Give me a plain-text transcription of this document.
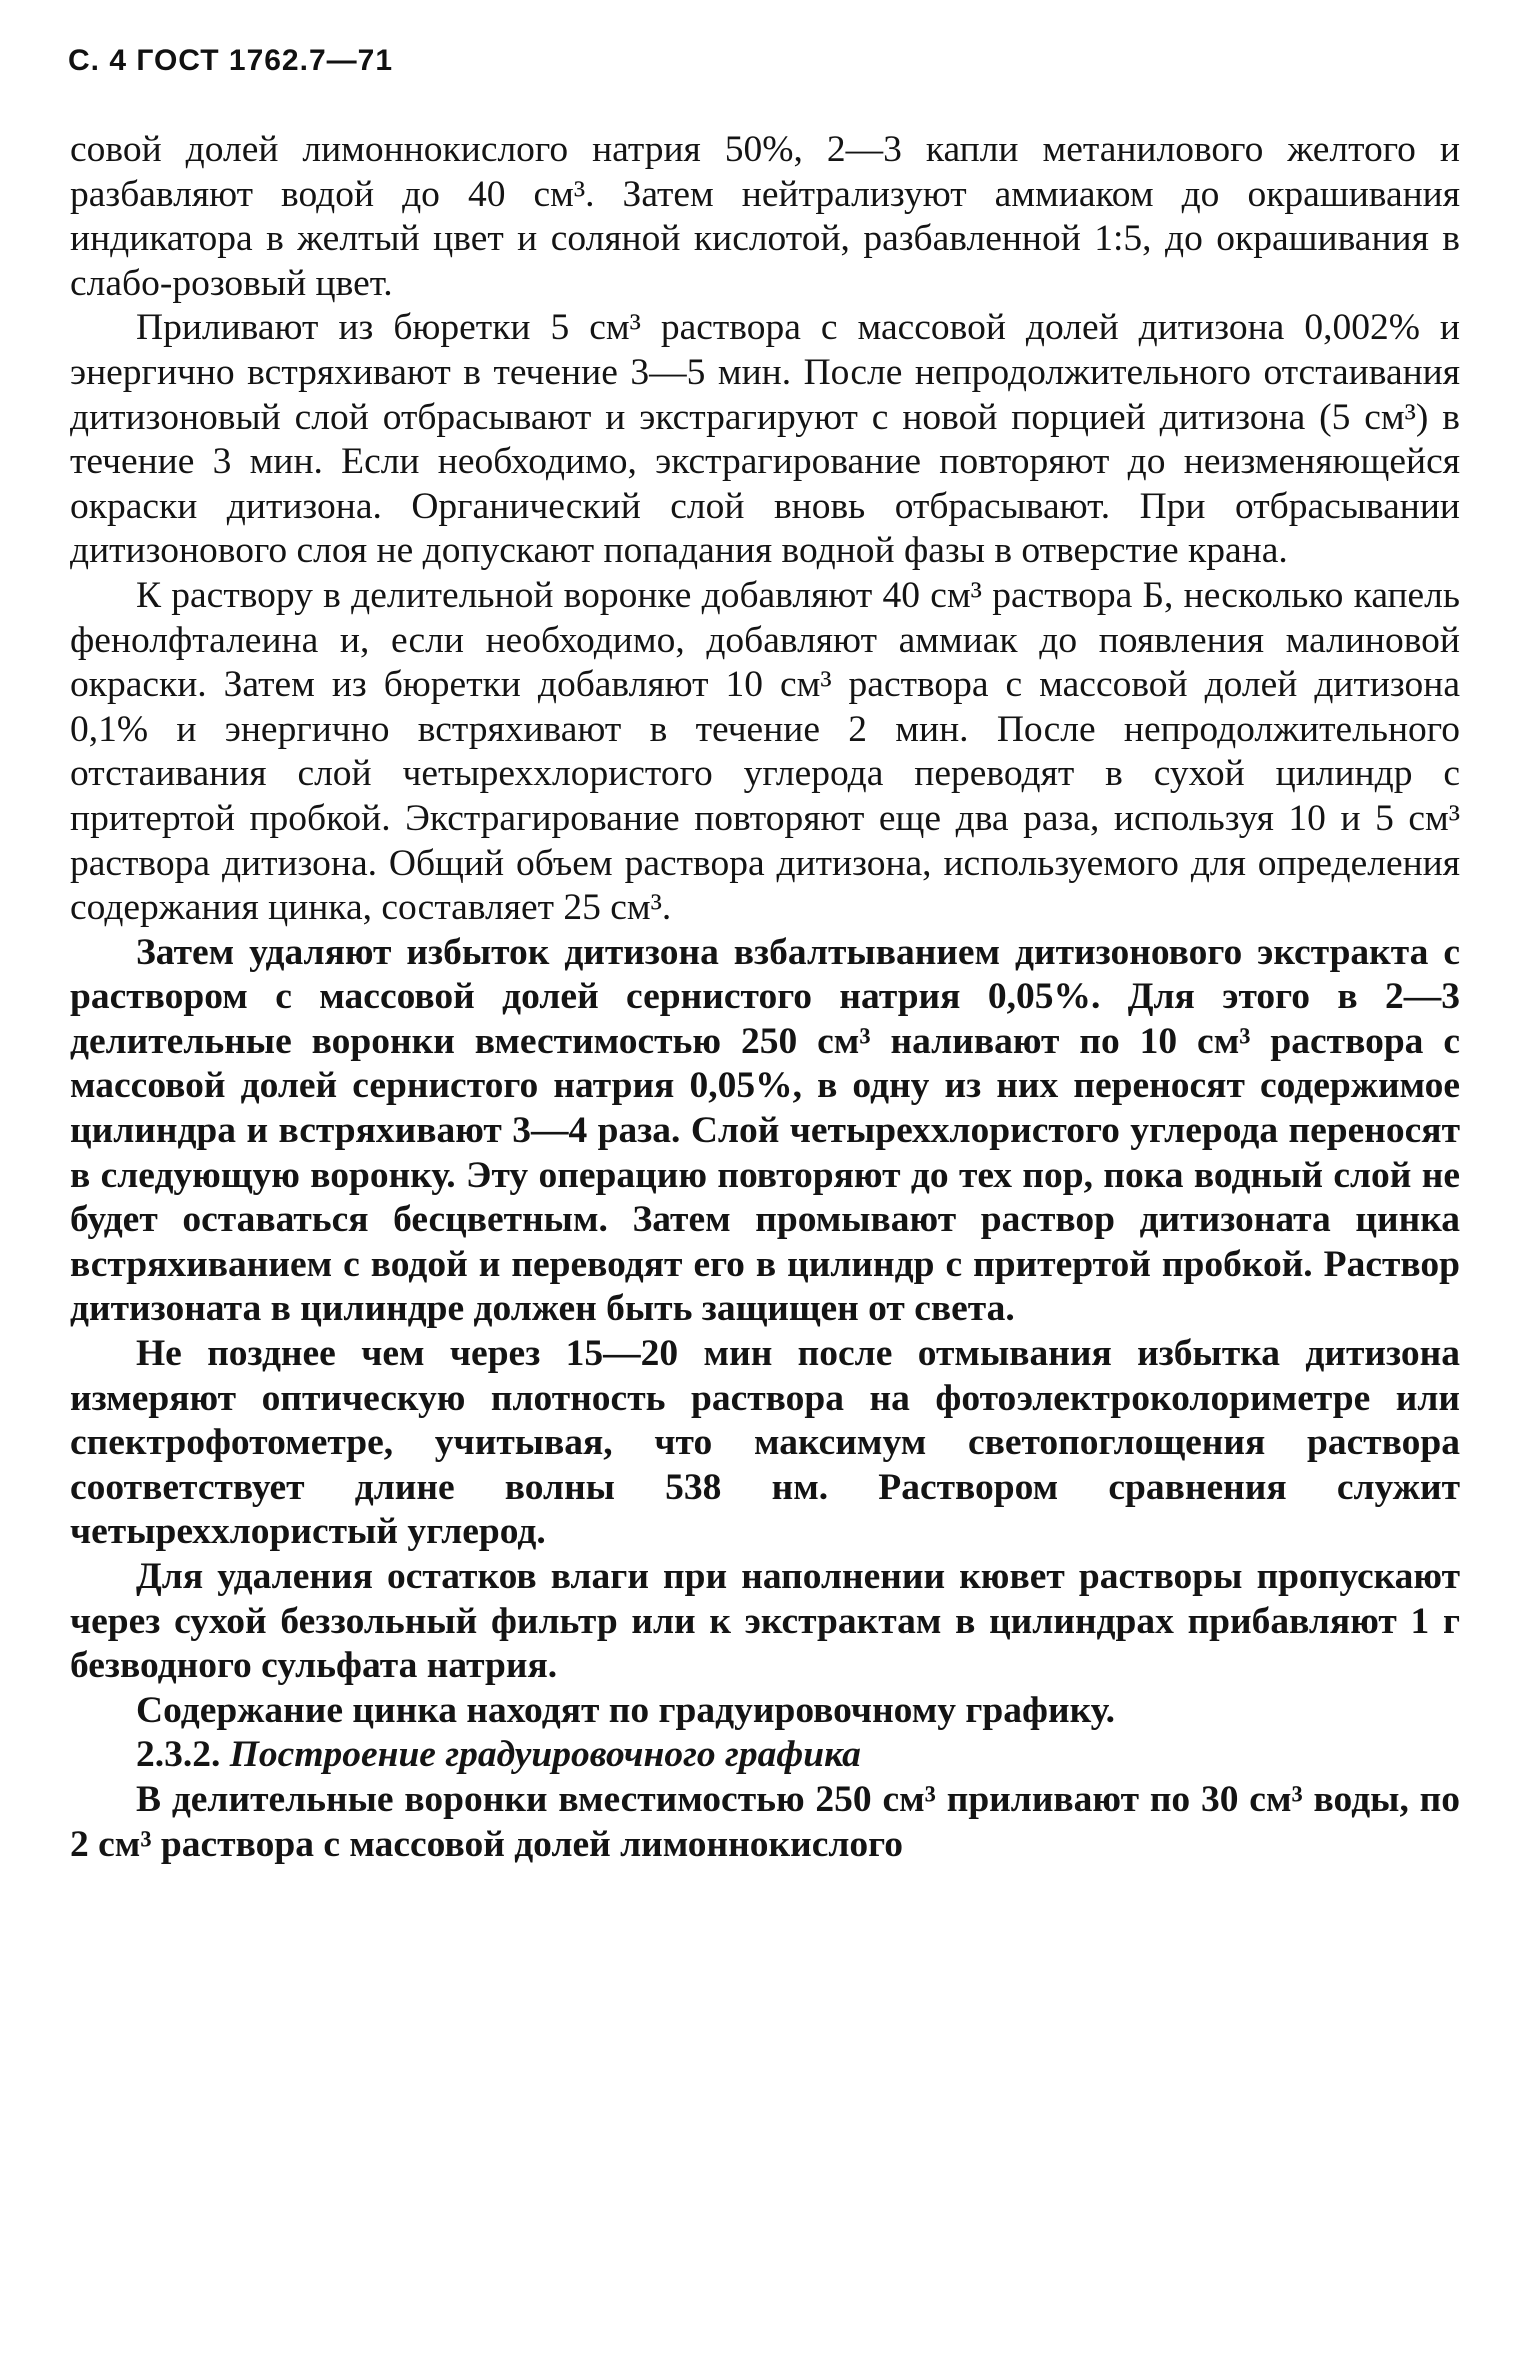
С. 4 ГОСТ 1762.7—71

совой долей лимоннокислого натрия 50%, 2—3 капли метанилового желтого и разбавляют водой до 40 см³. Затем нейтрализуют аммиаком до окрашивания индикатора в желтый цвет и соляной кислотой, разбавленной 1:5, до окрашивания в слабо-розовый цвет.

Приливают из бюретки 5 см³ раствора с массовой долей дитизона 0,002% и энергично встряхивают в течение 3—5 мин. После непродолжительного отстаивания дитизоновый слой отбрасывают и экстрагируют с новой порцией дитизона (5 см³) в течение 3 мин. Если необходимо, экстрагирование повторяют до неизменяющейся окраски дитизона. Органический слой вновь отбрасывают. При отбрасывании дитизонового слоя не допускают попадания водной фазы в отверстие крана.

К раствору в делительной воронке добавляют 40 см³ раствора Б, несколько капель фенолфталеина и, если необходимо, добавляют аммиак до появления малиновой окраски. Затем из бюретки добавляют 10 см³ раствора с массовой долей дитизона 0,1% и энергично встряхивают в течение 2 мин. После непродолжительного отстаивания слой четыреххлористого углерода переводят в сухой цилиндр с притертой пробкой. Экстрагирование повторяют еще два раза, используя 10 и 5 см³ раствора дитизона. Общий объем раствора дитизона, используемого для определения содержания цинка, составляет 25 см³.

Затем удаляют избыток дитизона взбалтыванием дитизонового экстракта с раствором с массовой долей сернистого натрия 0,05%. Для этого в 2—3 делительные воронки вместимостью 250 см³ наливают по 10 см³ раствора с массовой долей сернистого натрия 0,05%, в одну из них переносят содержимое цилиндра и встряхивают 3—4 раза. Слой четыреххлористого углерода переносят в следующую воронку. Эту операцию повторяют до тех пор, пока водный слой не будет оставаться бесцветным. Затем промывают раствор дитизоната цинка встряхиванием с водой и переводят его в цилиндр с притертой пробкой. Раствор дитизоната в цилиндре должен быть защищен от света.

Не позднее чем через 15—20 мин после отмывания избытка дитизона измеряют оптическую плотность раствора на фотоэлектроколориметре или спектрофотометре, учитывая, что максимум светопоглощения раствора соответствует длине волны 538 нм. Раствором сравнения служит четыреххлористый углерод.

Для удаления остатков влаги при наполнении кювет растворы пропускают через сухой беззольный фильтр или к экстрактам в цилиндрах прибавляют 1 г безводного сульфата натрия.

Содержание цинка находят по градуировочному графику.

2.3.2. Построение градуировочного графика

В делительные воронки вместимостью 250 см³ приливают по 30 см³ воды, по 2 см³ раствора с массовой долей лимоннокислого
